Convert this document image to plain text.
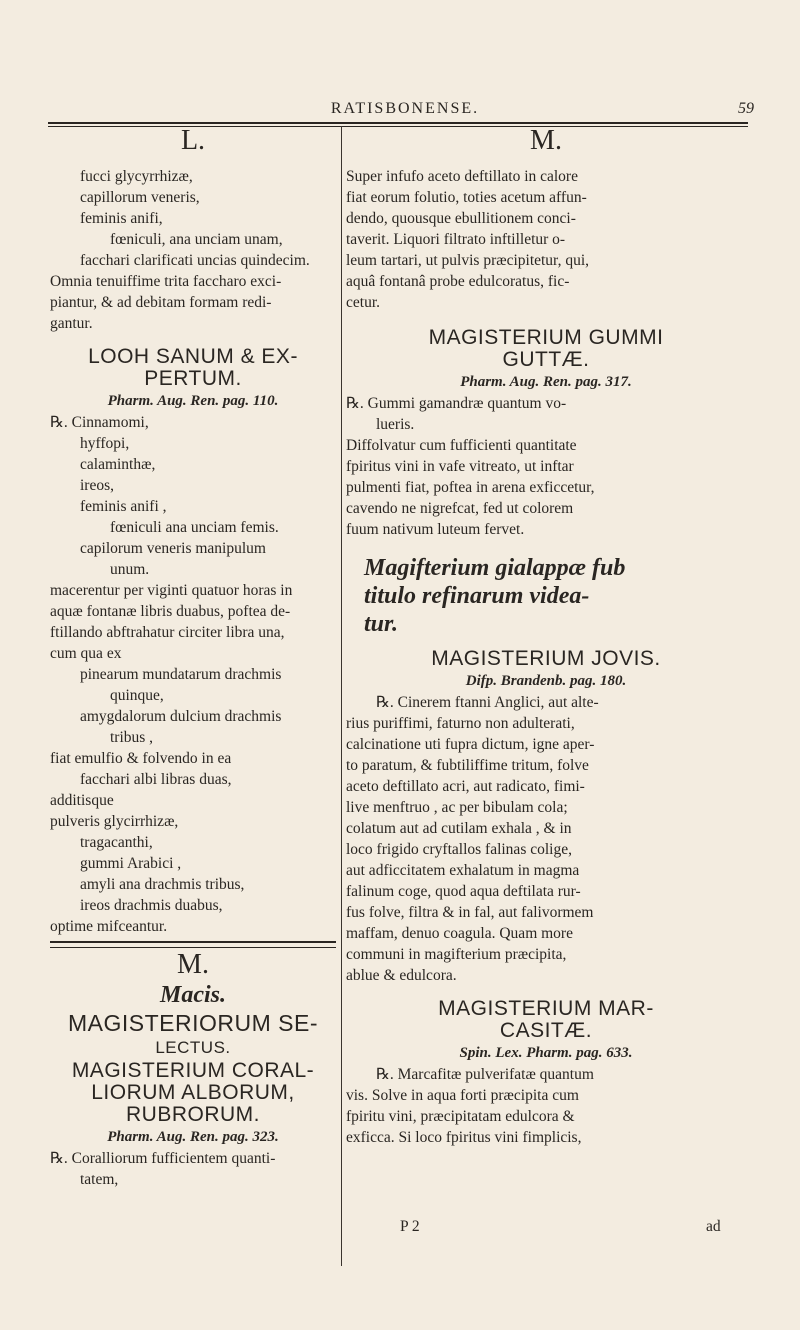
RATISBONENSE.	59
L.
fucci glycyrrhizæ,
capillorum veneris,
feminis anifi,
fœniculi, ana unciam unam,
facchari clarificati uncias quindecim.
Omnia tenuiffime trita faccharo exci-
piantur, & ad debitam formam redi-
gantur.
LOOH SANUM & EX-
PERTUM.
Pharm. Aug. Ren. pag. 110.
℞. Cinnamomi,
hyffopi,
calaminthæ,
ireos,
feminis anifi ,
fœniculi ana unciam femis.
capilorum veneris manipulum
unum.
macerentur per viginti quatuor horas in
aquæ fontanæ libris duabus, poftea de-
ftillando abftrahatur circiter libra una,
cum qua ex
pinearum mundatarum drachmis
quinque,
amygdalorum dulcium drachmis
tribus ,
fiat emulfio & folvendo in ea
facchari albi libras duas,
additisque
pulveris glycirrhizæ,
tragacanthi,
gummi Arabici ,
amyli ana drachmis tribus,
ireos drachmis duabus,
optime mifceantur.
M.
Macis.
MAGISTERIORUM SE-
LECTUS.
MAGISTERIUM CORAL-
LIORUM ALBORUM,
RUBRORUM.
Pharm. Aug. Ren. pag. 323.
℞. Coralliorum fufficientem quanti-
tatem,
M.
Super infufo aceto deftillato in calore
fiat eorum folutio, toties acetum affun-
dendo, quousque ebullitionem conci-
taverit. Liquori filtrato inftilletur o-
leum tartari, ut pulvis præcipitetur, qui,
aquâ fontanâ probe edulcoratus, fic-
cetur.
MAGISTERIUM GUMMI
GUTTÆ.
Pharm. Aug. Ren. pag. 317.
℞. Gummi gamandræ quantum vo-
lueris.
Diffolvatur cum fufficienti quantitate
fpiritus vini in vafe vitreato, ut inftar
pulmenti fiat, poftea in arena exficcetur,
cavendo ne nigrefcat, fed ut colorem
fuum nativum luteum fervet.
Magifterium gialappæ fub
titulo refinarum videa-
tur.
MAGISTERIUM JOVIS.
Difp. Brandenb. pag. 180.
℞. Cinerem ftanni Anglici, aut alte-
rius puriffimi, faturno non adulterati,
calcinatione uti fupra dictum, igne aper-
to paratum, & fubtiliffime tritum, folve
aceto deftillato acri, aut radicato, fimi-
live menftruo , ac per bibulam cola;
colatum aut ad cutilam exhala , & in
loco frigido cryftallos falinas colige,
aut adficcitatem exhalatum in magma
falinum coge, quod aqua deftilata rur-
fus folve, filtra & in fal, aut falivormem
maffam, denuo coagula. Quam more
communi in magifterium præcipita,
ablue & edulcora.
MAGISTERIUM MAR-
CASITÆ.
Spin. Lex. Pharm. pag. 633.
℞. Marcafitæ pulverifatæ quantum
vis. Solve in aqua forti præcipita cum
fpiritu vini, præcipitatam edulcora &
exficca. Si loco fpiritus vini fimplicis,
P 2	ad
